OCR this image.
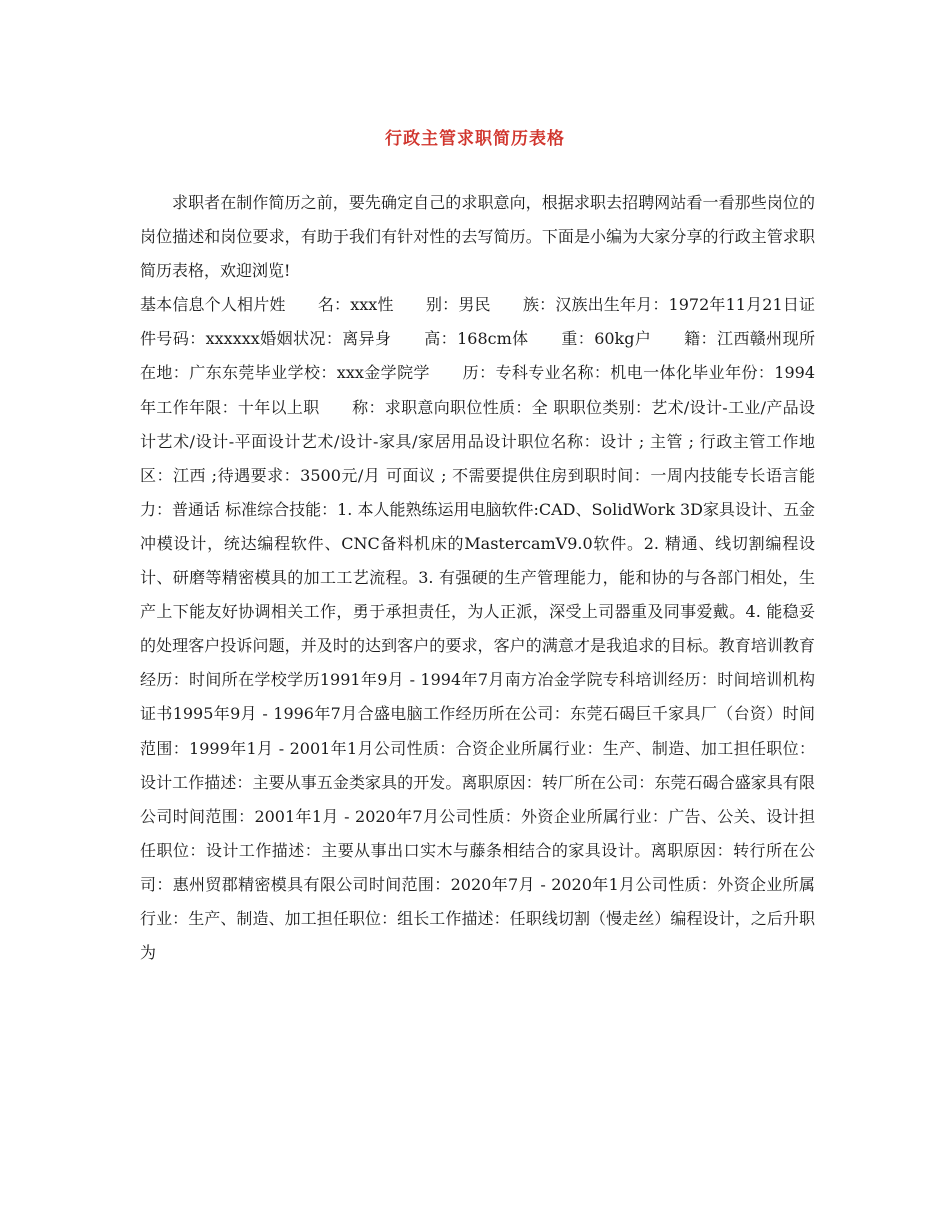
行政主管求职简历表格

求职者在制作简历之前，要先确定自己的求职意向，根据求职去招聘网站看一看那些岗位的岗位描述和岗位要求，有助于我们有针对性的去写简历。下面是小编为大家分享的行政主管求职简历表格，欢迎浏览!

基本信息个人相片姓　　名：xxx性　　别：男民　　族：汉族出生年月：1972年11月21日证件号码：xxxxxx婚姻状况：离异身　　高：168cm体　　重：60kg户　　籍：江西赣州现所在地：广东东莞毕业学校：xxx金学院学　　历：专科专业名称：机电一体化毕业年份：1994年工作年限：十年以上职　　称：求职意向职位性质：全 职职位类别：艺术/设计-工业/产品设计艺术/设计-平面设计艺术/设计-家具/家居用品设计职位名称：设计 ; 主管 ; 行政主管工作地区：江西 ;待遇要求：3500元/月 可面议 ; 不需要提供住房到职时间：一周内技能专长语言能力：普通话 标准综合技能：1. 本人能熟练运用电脑软件:CAD、SolidWork 3D家具设计、五金冲模设计，统达编程软件、CNC备料机床的MastercamV9.0软件。2. 精通、线切割编程设计、研磨等精密模具的加工工艺流程。3. 有强硬的生产管理能力，能和协的与各部门相处，生产上下能友好协调相关工作，勇于承担责任，为人正派，深受上司器重及同事爱戴。4. 能稳妥的处理客户投诉问题，并及时的达到客户的要求，客户的满意才是我追求的目标。教育培训教育经历：时间所在学校学历1991年9月 - 1994年7月南方冶金学院专科培训经历：时间培训机构证书1995年9月 - 1996年7月合盛电脑工作经历所在公司：东莞石碣巨千家具厂（台资）时间范围：1999年1月 - 2001年1月公司性质：合资企业所属行业：生产、制造、加工担任职位：设计工作描述：主要从事五金类家具的开发。离职原因：转厂所在公司：东莞石碣合盛家具有限公司时间范围：2001年1月 - 2020年7月公司性质：外资企业所属行业：广告、公关、设计担任职位：设计工作描述：主要从事出口实木与藤条相结合的家具设计。离职原因：转行所在公司：惠州贸郡精密模具有限公司时间范围：2020年7月 - 2020年1月公司性质：外资企业所属行业：生产、制造、加工担任职位：组长工作描述：任职线切割（慢走丝）编程设计，之后升职为
